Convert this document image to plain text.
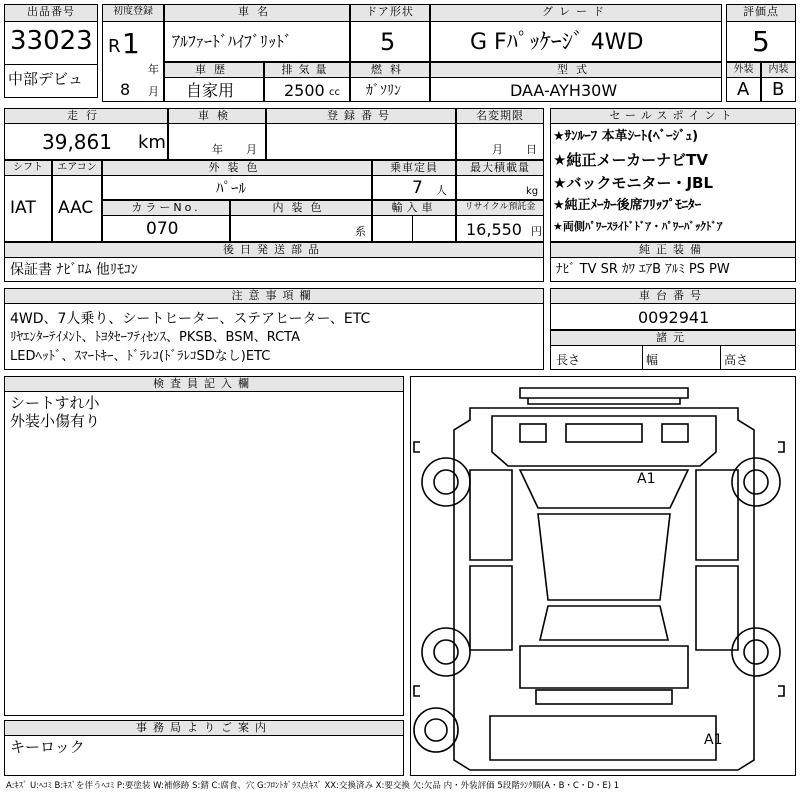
出品番号
33023
中部デビュ
初度登録
R 1
年
8 月
車名
ｱﾙﾌｧｰﾄﾞﾊｲﾌﾞﾘｯﾄﾞ
ドア形状
5
グレード
G Fﾊﾟｯｹｰｼﾞ 4WD
評価点
5
車歴
自家用
排気量
2500 cc
燃料
ｶﾞｿﾘﾝ
型式
DAA-AYH30W
外装
A
内装
B
走行
39,861 km
車検
年 月
登録番号	名変期限
月 日
シフト
IAT
エアコン
AAC
外装色
ﾊﾟｰﾙ
乗車定員
7 人
最大積載量
kg
カラーNo.
070
内装色
系
輸入車	リサイクル預託金
16,550 円
後日発送部品
保証書 ﾅﾋﾞﾛﾑ 他ﾘﾓｺﾝ
セールスポイント
★ｻﾝﾙｰﾌ 本革ｼｰﾄ(ﾍﾞｰｼﾞｭ)
★純正メーカーナビTV
★バックモニター・JBL
★純正ﾒｰｶｰ後席ﾌﾘｯﾌﾟﾓﾆﾀｰ
★両側ﾊﾟﾜｰｽﾗｲﾄﾞﾄﾞｱ・ﾊﾟﾜｰﾊﾞｯｸﾄﾞｱ
純正装備
ﾅﾋﾞ TV SR ｶﾜ ｴｱB ｱﾙﾐ PS PW
注意事項欄
4WD、7人乗り、シートヒーター、ステアヒーター、ETC
ﾘﾔｴﾝﾀｰﾃｲﾒﾝﾄ、ﾄﾖﾀｾｰﾌﾃｨｾﾝｽ、PKSB、BSM、RCTA
LEDﾍｯﾄﾞ、ｽﾏｰﾄｷｰ、ﾄﾞﾗﾚｺ(ﾄﾞﾗﾚｺSDなし)ETC
車台番号
0092941
諸元
長さ	幅	高さ
検査員記入欄
シートすれ小
外装小傷有り
事務局よりご案内
キーロック
A1
A1
A:ｷｽﾞ U:ﾍｺﾐ B:ｷｽﾞを伴うﾍｺﾐ P:要塗装 W:補修跡 S:錆 C:腐食、穴 G:ﾌﾛﾝﾄｶﾞﾗｽ点ｷｽﾞ XX:交換済み X:要交換 欠:欠品 内・外装評価 5段階ﾗﾝｸ順(A・B・C・D・E) 1
